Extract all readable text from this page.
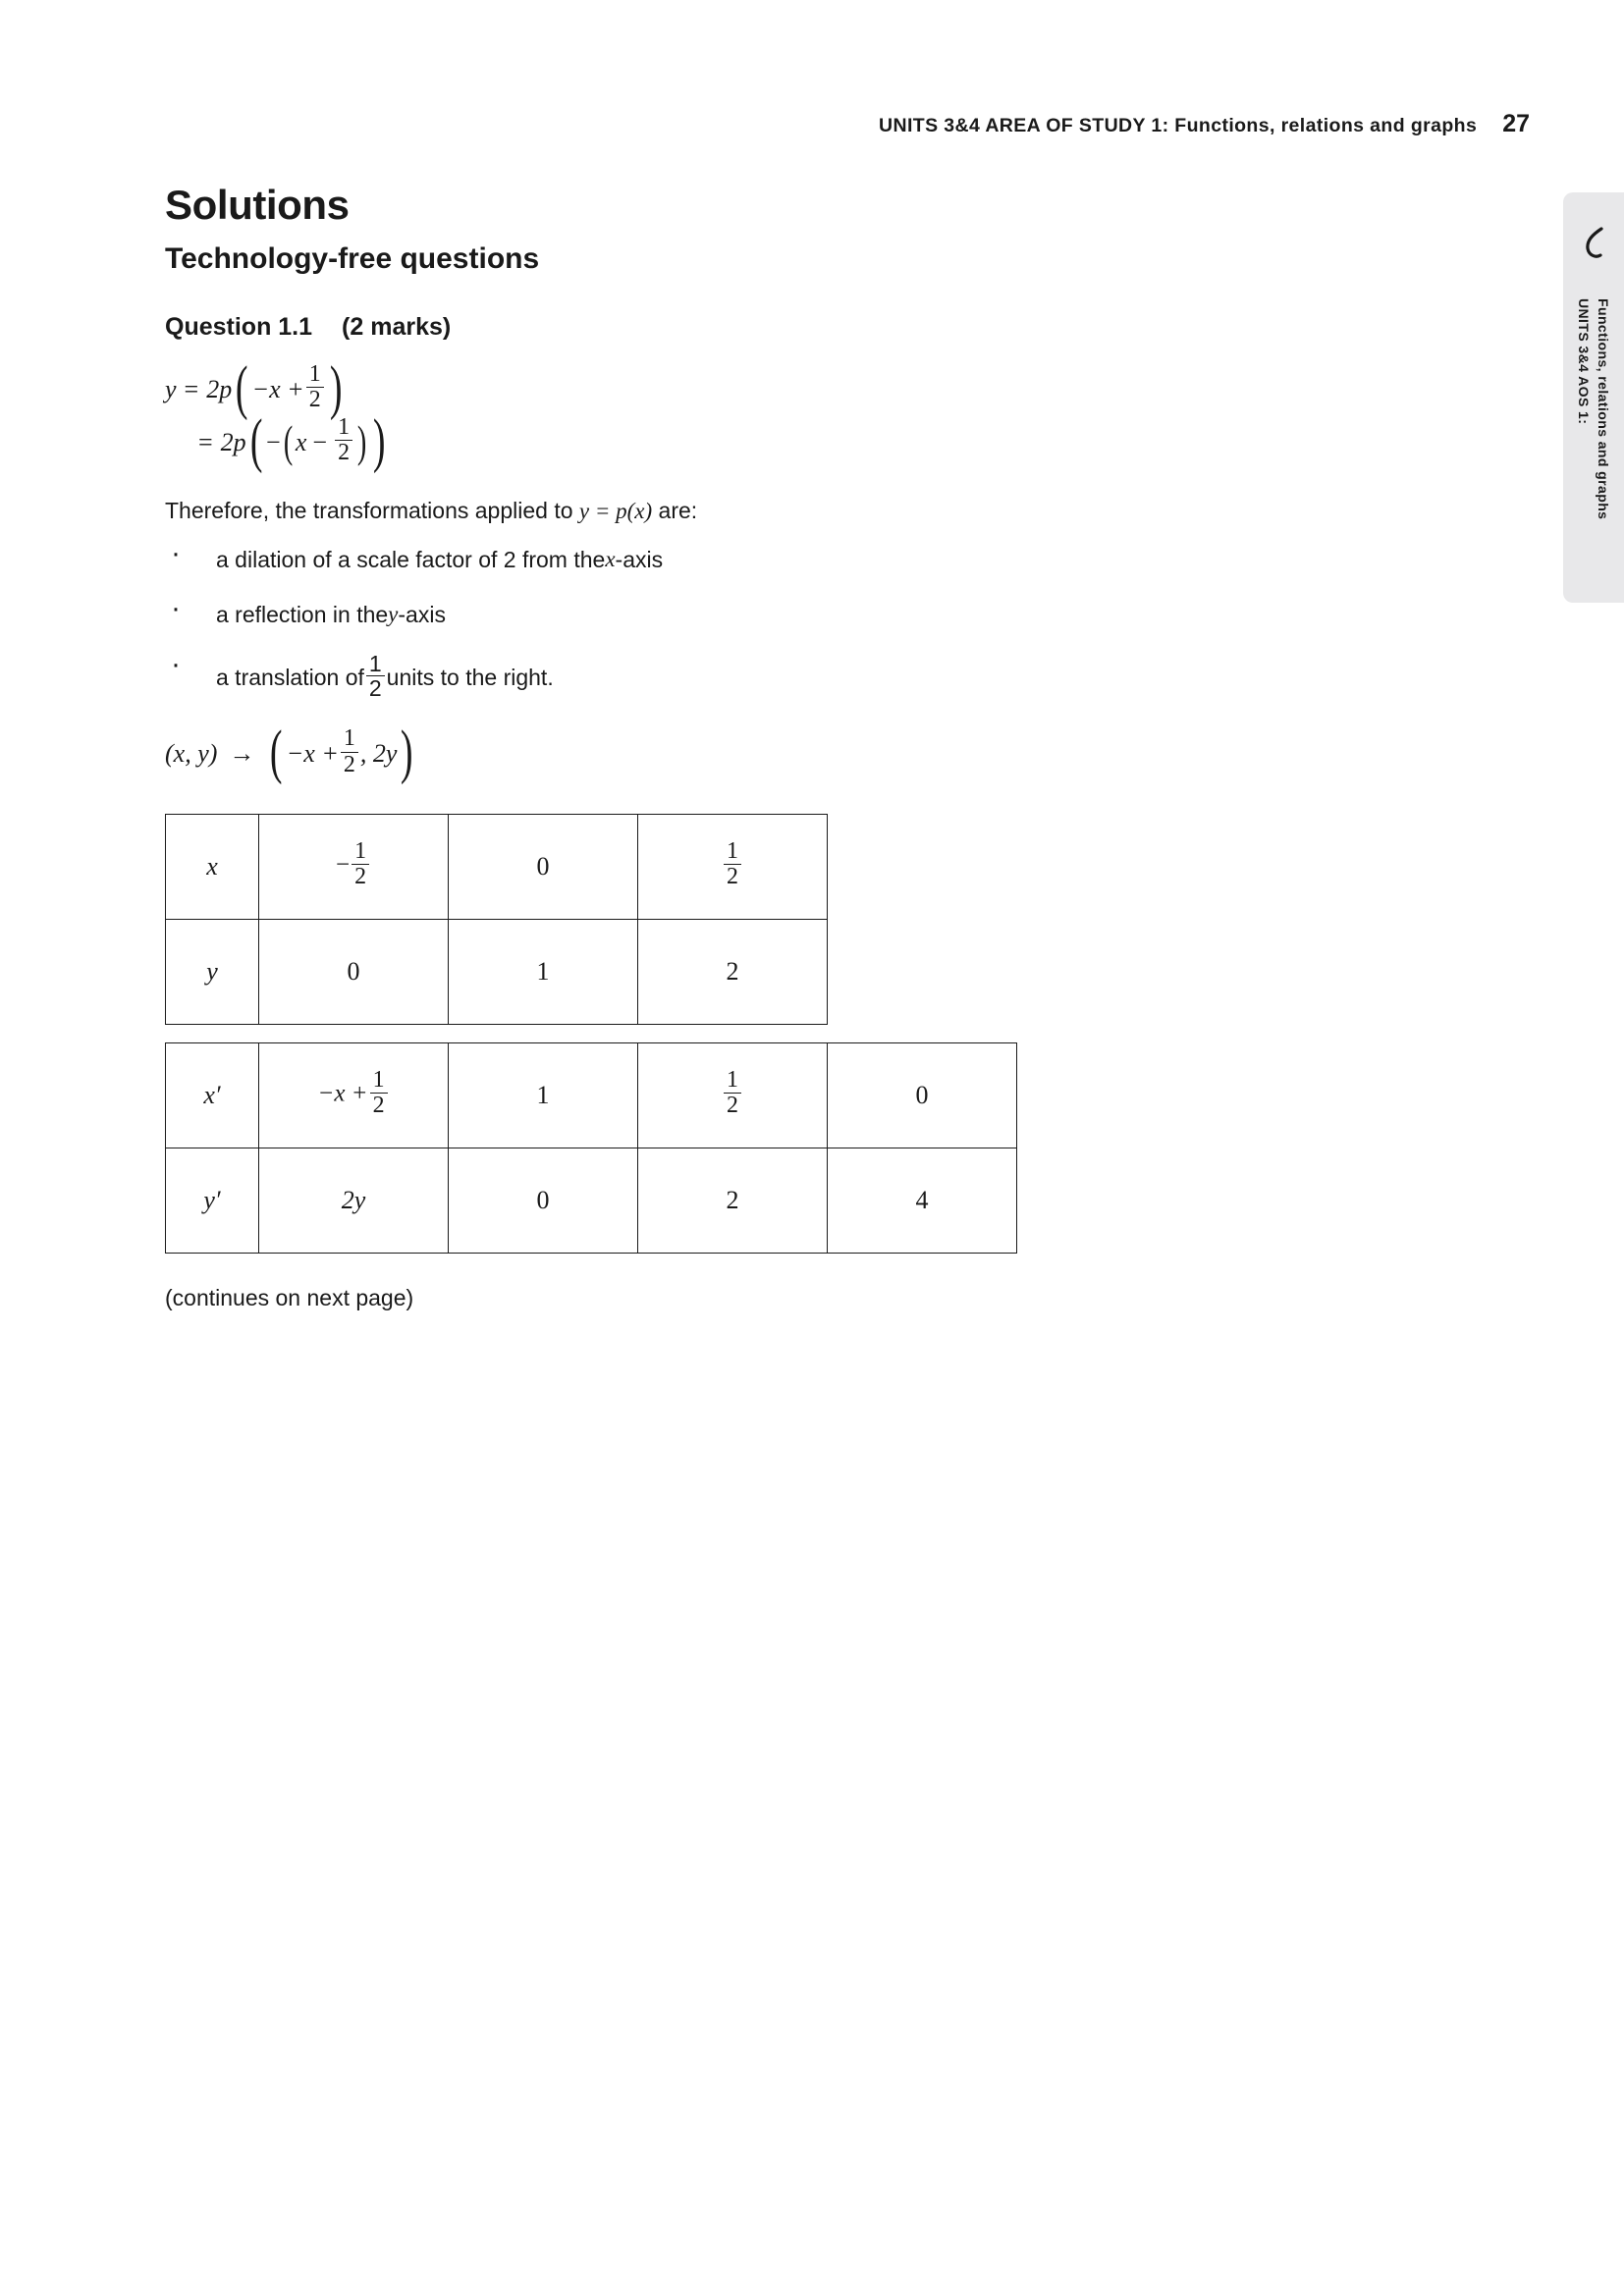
UNITS 3&4 AREA OF STUDY 1: Functions, relations and graphs 27
UNITS 3&4 AOS 1: Functions, relations and graphs
Solutions
Technology-free questions
Question 1.1 (2 marks)
y = 2p ( $-x + \frac{1}{2}$ )
= 2p ( − ( $x - \frac{1}{2}$ ) )

Therefore, the transformations applied to y = p(x) are:

· a dilation of a scale factor of 2 from the x -axis
· a reflection in the y -axis
· a translation of $\frac{1}{2}$ units to the right.
(x, y) → ( $-x + \frac{1}{2}$ , 2y )
x	− $\frac{1}{2}$	0	$\frac{1}{2}$

y	0	1	2
x′	$-x + \frac{1}{2}$	1	$\frac{1}{2}$	0
y′	2y	0	2	4

(continues on next page)
